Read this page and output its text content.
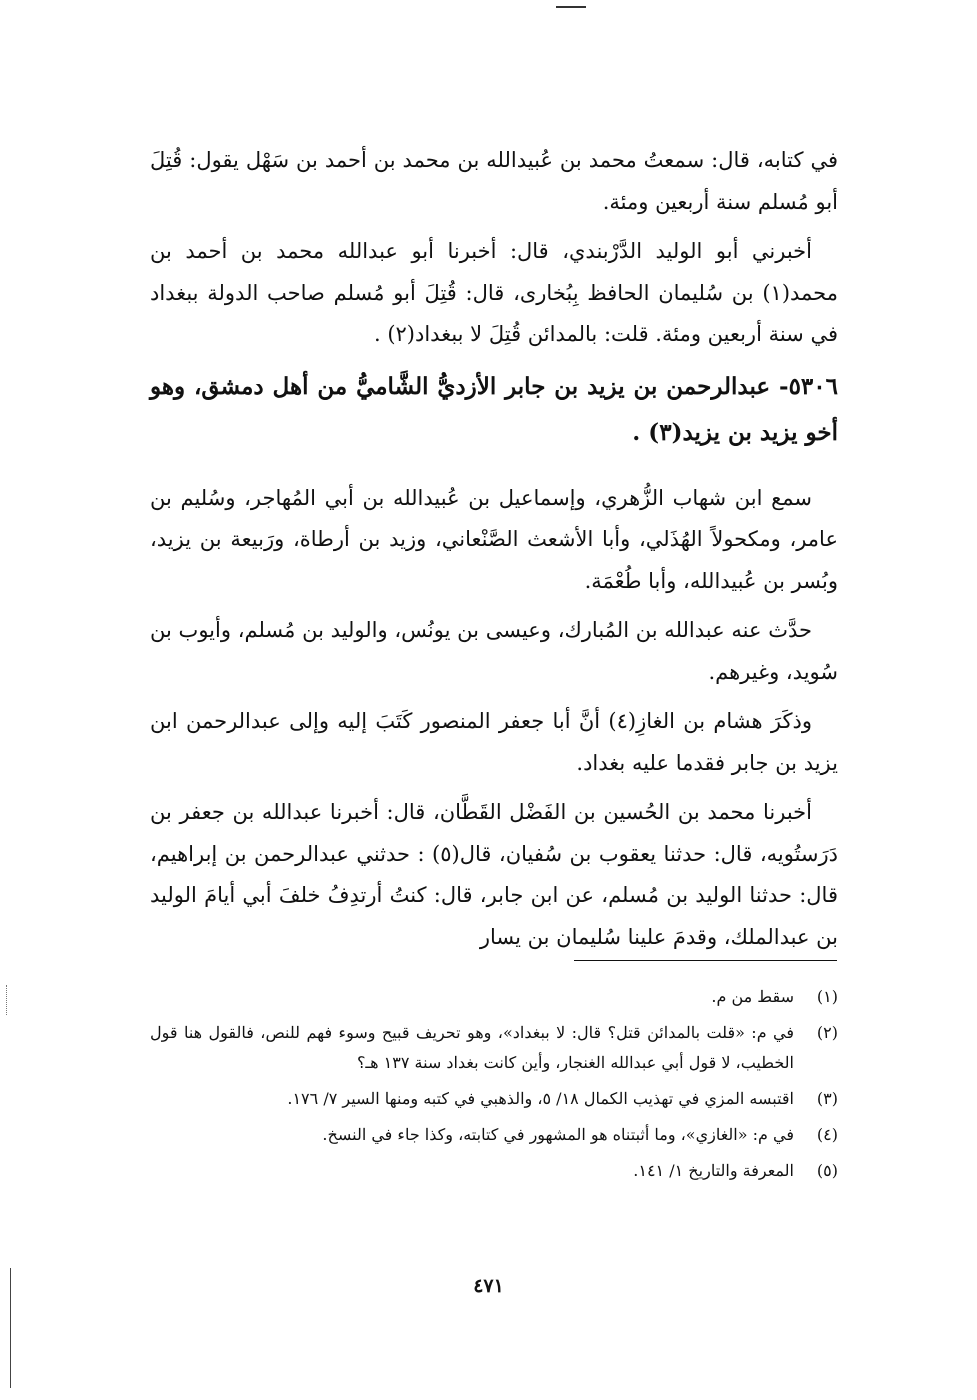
في كتابه، قال: سمعتُ محمد بن عُبيدالله بن محمد بن أحمد بن سَهْل يقول: قُتِلَ أبو مُسلم سنة أربعين ومئة.

أخبرني أبو الوليد الدَّرْبندي، قال: أخبرنا أبو عبدالله محمد بن أحمد بن محمد(١) بن سُليمان الحافظ بِبُخارى، قال: قُتِلَ أبو مُسلم صاحب الدولة ببغداد في سنة أربعين ومئة. قلت: بالمدائن قُتِلَ لا ببغداد(٢) .

٥٣٠٦- عبدالرحمن بن يزيد بن جابر الأزديُّ الشَّاميُّ من أهل دمشق، وهو أخو يزيد بن يزيد(٣) .

سمع ابن شهاب الزُّهري، وإسماعيل بن عُبيدالله بن أبي المُهاجر، وسُليم بن عامر، ومكحولاً الهُذَلي، وأبا الأشعث الصَّنْعاني، وزيد بن أرطاة، ورَبيعة بن يزيد، وبُسر بن عُبيدالله، وأبا طُعْمَة.

حدَّث عنه عبدالله بن المُبارك، وعيسى بن يونُس، والوليد بن مُسلم، وأيوب بن سُويد، وغيرهم.

وذكَرَ هشام بن الغازِ(٤) أنَّ أبا جعفر المنصور كَتَبَ إليه وإلى عبدالرحمن ابن يزيد بن جابر فقدما عليه بغداد.

أخبرنا محمد بن الحُسين بن الفَضْل القَطَّان، قال: أخبرنا عبدالله بن جعفر بن دَرَستُويه، قال: حدثنا يعقوب بن سُفيان، قال(٥) : حدثني عبدالرحمن بن إبراهيم، قال: حدثنا الوليد بن مُسلم، عن ابن جابر، قال: كنتُ أرتدِفُ خلفَ أبي أيامَ الوليد بن عبدالملك، وقدمَ علينا سُليمان بن يسار

(١)
سقط من م.
(٢)
في م: «قلت بالمدائن قتل؟ قال: لا ببغداد»، وهو تحريف قبيح وسوء فهم للنص، فالقول هنا قول الخطيب، لا قول أبي عبدالله الغنجار، وأين كانت بغداد سنة ١٣٧ هـ؟
(٣)
اقتبسه المزي في تهذيب الكمال ١٨/ ٥، والذهبي في كتبه ومنها السير ٧/ ١٧٦.
(٤)
في م: «الغازي»، وما أثبتناه هو المشهور في كتابته، وكذا جاء في النسخ.
(٥)
المعرفة والتاريخ ١/ ١٤١.
٤٧١
